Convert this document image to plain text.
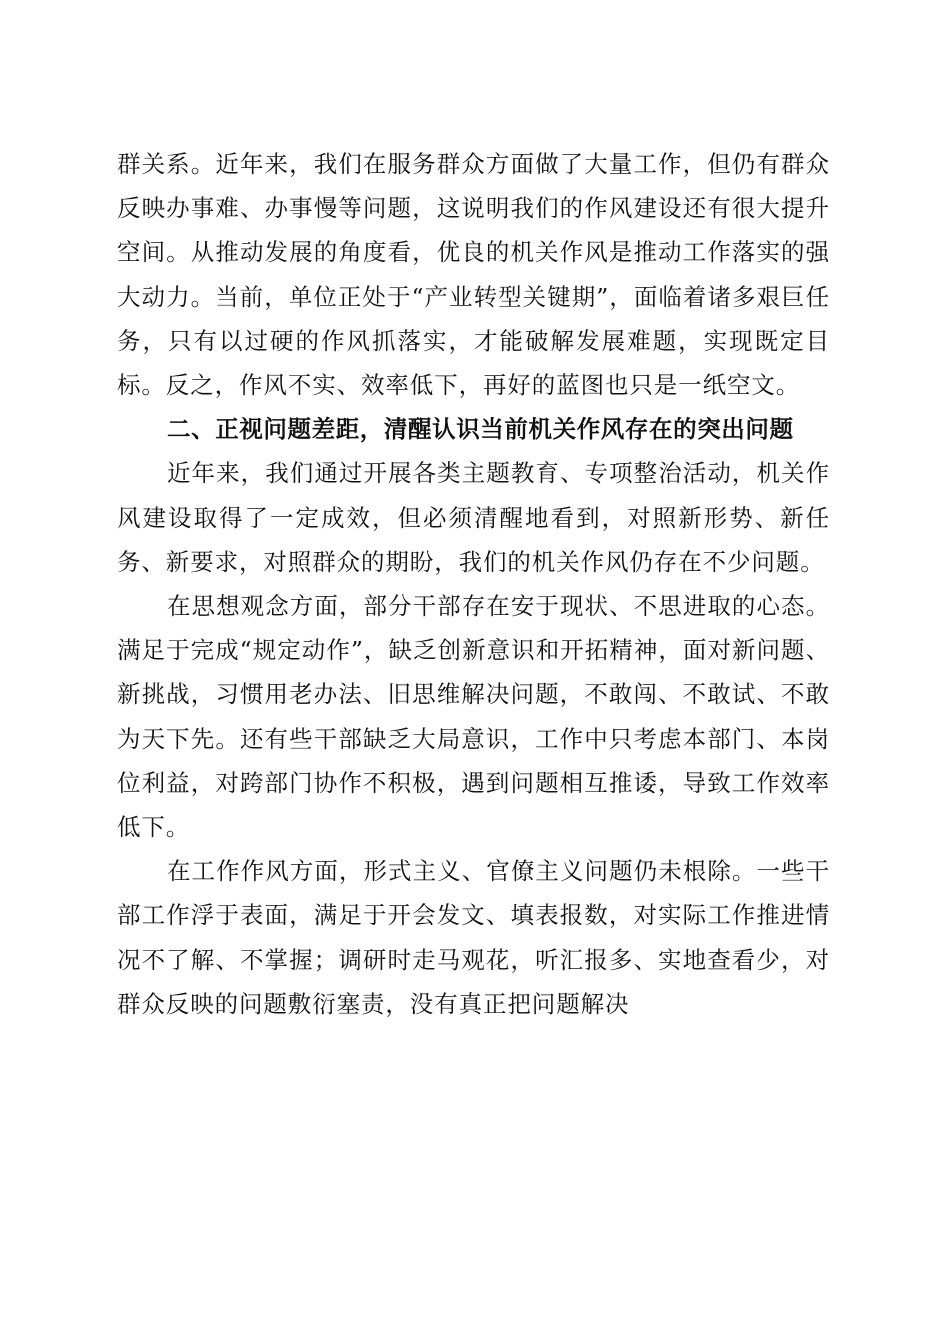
群关系。近年来，我们在服务群众方面做了大量工作，但仍有群众反映办事难、办事慢等问题，这说明我们的作风建设还有很大提升空间。从推动发展的角度看，优良的机关作风是推动工作落实的强大动力。当前，单位正处于“产业转型关键期”，面临着诸多艰巨任务，只有以过硬的作风抓落实，才能破解发展难题，实现既定目标。反之，作风不实、效率低下，再好的蓝图也只是一纸空文。

二、正视问题差距，清醒认识当前机关作风存在的突出问题

近年来，我们通过开展各类主题教育、专项整治活动，机关作风建设取得了一定成效，但必须清醒地看到，对照新形势、新任务、新要求，对照群众的期盼，我们的机关作风仍存在不少问题。

在思想观念方面，部分干部存在安于现状、不思进取的心态。满足于完成“规定动作”，缺乏创新意识和开拓精神，面对新问题、新挑战，习惯用老办法、旧思维解决问题，不敢闯、不敢试、不敢为天下先。还有些干部缺乏大局意识，工作中只考虑本部门、本岗位利益，对跨部门协作不积极，遇到问题相互推诿，导致工作效率低下。

在工作作风方面，形式主义、官僚主义问题仍未根除。一些干部工作浮于表面，满足于开会发文、填表报数，对实际工作推进情况不了解、不掌握；调研时走马观花，听汇报多、实地查看少，对群众反映的问题敷衍塞责，没有真正把问题解决
